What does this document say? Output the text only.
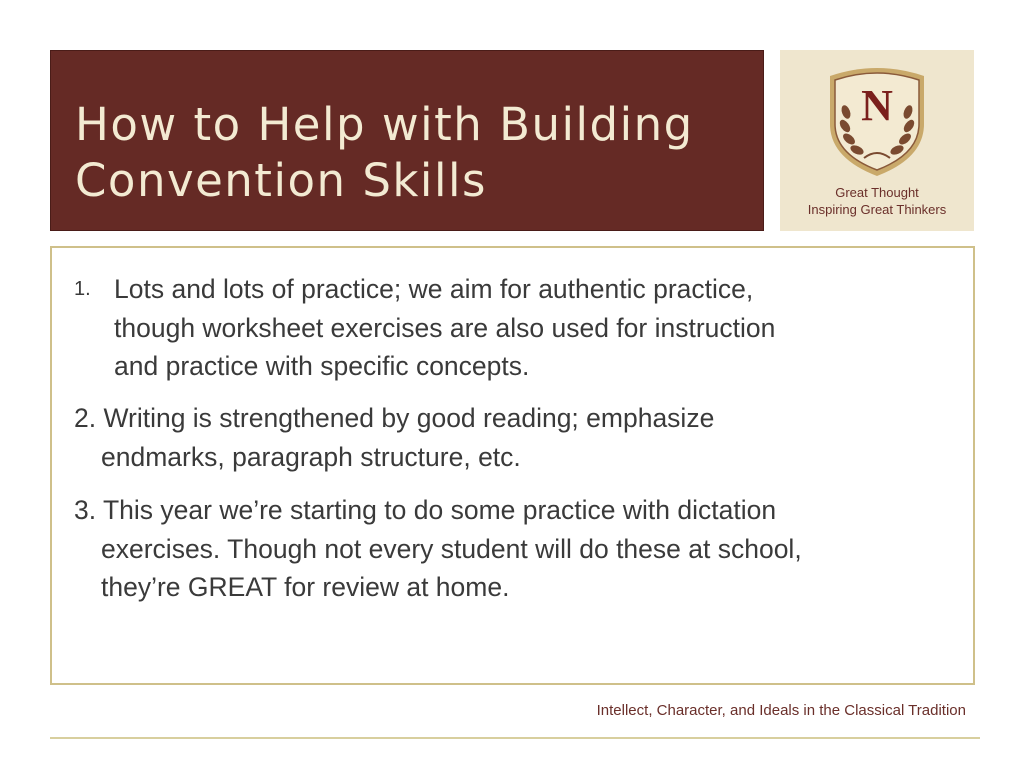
How to Help with Building
Convention Skills
N
Great Thought
Inspiring Great Thinkers
1. Lots and lots of practice; we aim for authentic practice,
though worksheet exercises are also used for instruction
and practice with specific concepts.
2. Writing is strengthened by good reading; emphasize
endmarks, paragraph structure, etc.
3. This year we’re starting to do some practice with dictation
exercises. Though not every student will do these at school,
they’re GREAT for review at home.
Intellect, Character, and Ideals in the Classical Tradition
